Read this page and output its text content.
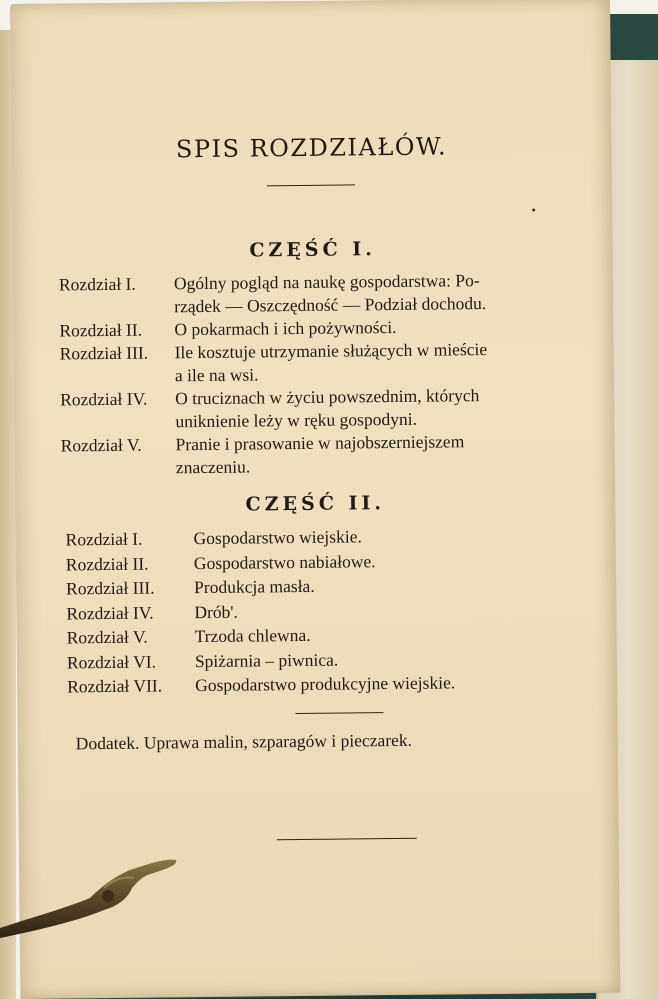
SPIS ROZDZIAŁÓW.
CZĘŚĆ I.
Rozdział I.	Ogólny pogląd na naukę gospodarstwa: Po-
rządek — Oszczędność — Podział dochodu.
Rozdział II.	O pokarmach i ich pożywności.
Rozdział III.	Ile kosztuje utrzymanie służących w mieście
a ile na wsi.
Rozdział IV.	O truciznach w życiu powszednim, których
uniknienie leży w ręku gospodyni.
Rozdział V.	Pranie i prasowanie w najobszerniejszem
znaczeniu.
CZĘŚĆ II.
Rozdział I.	Gospodarstwo wiejskie.
Rozdział II.	Gospodarstwo nabiałowe.
Rozdział III.	Produkcja masła.
Rozdział IV.	Drób'.
Rozdział V.	Trzoda chlewna.
Rozdział VI.	Spiżarnia – piwnica.
Rozdział VII.	Gospodarstwo produkcyjne wiejskie.
Dodatek. Uprawa malin, szparagów i pieczarek.
